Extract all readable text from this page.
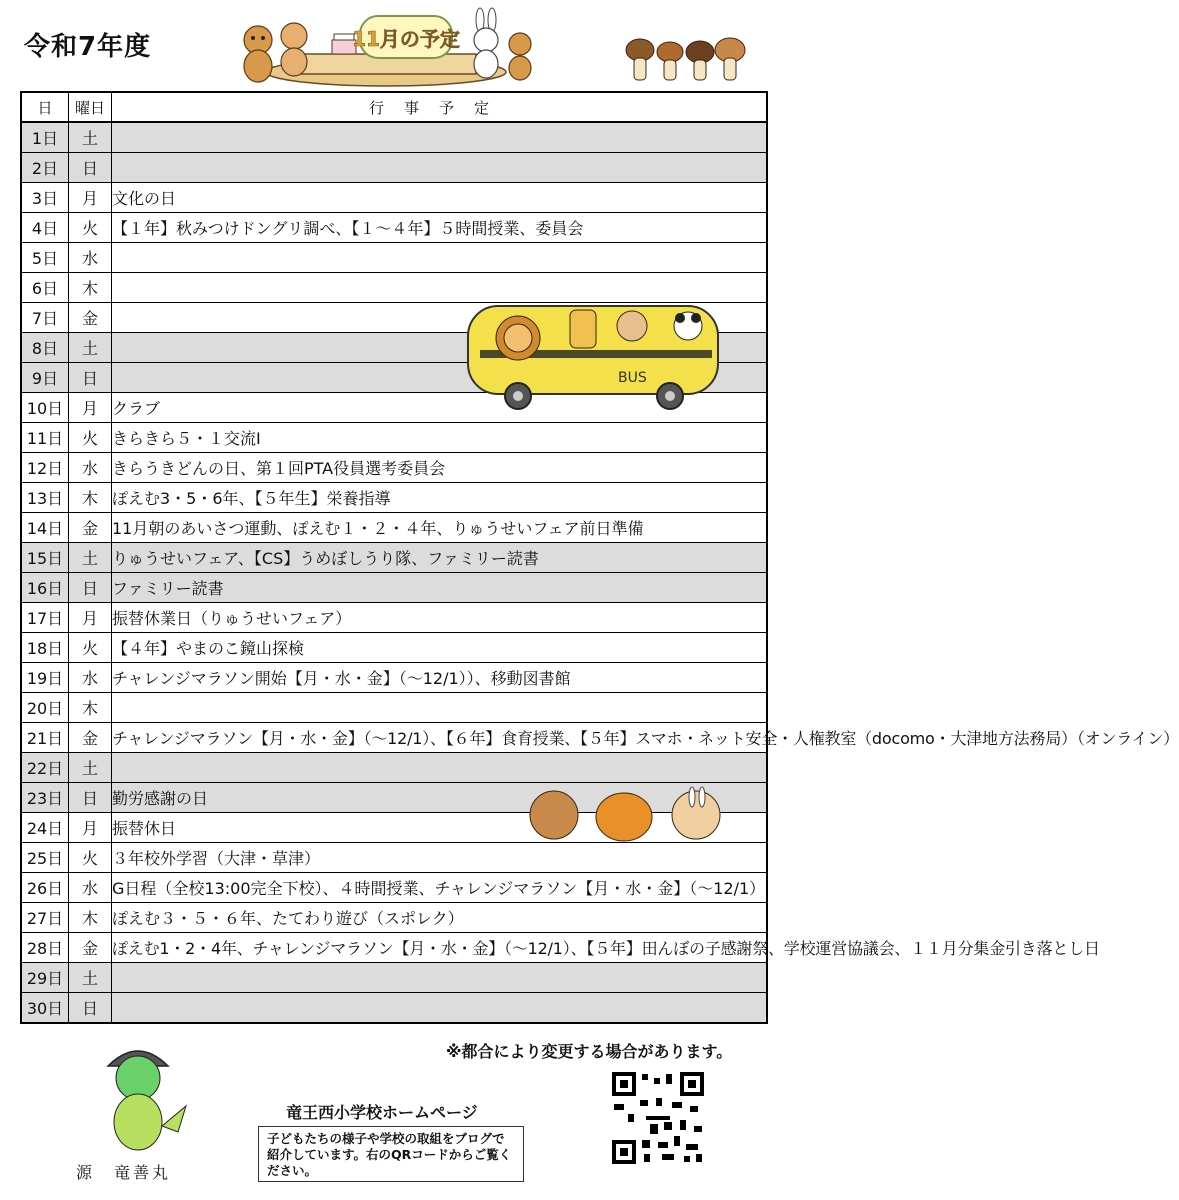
令和7年度	11月の予定
日	曜日	行事予定
1日	土	
2日	日	
3日	月	文化の日
4日	火	【１年】秋みつけドングリ調べ、【１～４年】５時間授業、委員会
5日	水	
6日	木	
7日	金	
8日	土	
9日	日	
10日	月	クラブ
11日	火	きらきら５・１交流Ⅰ
12日	水	きらうきどんの日、第１回PTA役員選考委員会
13日	木	ぽえむ3・5・6年、【５年生】栄養指導
14日	金	11月朝のあいさつ運動、ぽえむ１・２・４年、りゅうせいフェア前日準備
15日	土	りゅうせいフェア、【CS】うめぼしうり隊、ファミリー読書
16日	日	ファミリー読書
17日	月	振替休業日（りゅうせいフェア）
18日	火	【４年】やまのこ鏡山探検
19日	水	チャレンジマラソン開始【月・水・金】（～12/1））、移動図書館
20日	木	
21日	金	チャレンジマラソン【月・水・金】（～12/1）、【６年】食育授業、【５年】スマホ・ネット安全・人権教室（docomo・大津地方法務局）（オンライン）
22日	土	
23日	日	勤労感謝の日
24日	月	振替休日
25日	火	３年校外学習（大津・草津）
26日	水	G日程（全校13:00完全下校）、４時間授業、チャレンジマラソン【月・水・金】（～12/1）
27日	木	ぽえむ３・５・６年、たてわり遊び（スポレク）
28日	金	ぽえむ1・2・4年、チャレンジマラソン【月・水・金】（～12/1）、【５年】田んぼの子感謝祭、学校運営協議会、１１月分集金引き落とし日
29日	土	
30日	日	
BUS
※都合により変更する場合があります。
源　竜善丸
竜王西小学校ホームページ
子どもたちの様子や学校の取組をブログで紹介しています。右のQRコードからご覧ください。
